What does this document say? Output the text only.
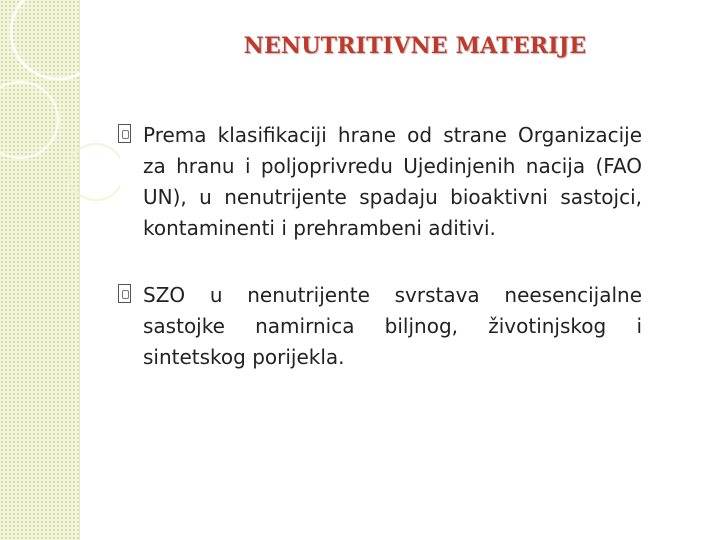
NENUTRITIVNE MATERIJE

Prema klasifikaciji hrane od strane Organizacije za hranu i poljoprivredu Ujedinjenih nacija (FAO UN), u nenutrijente spadaju bioaktivni sastojci, kontaminenti i prehrambeni aditivi.

SZO u nenutrijente svrstava neesencijalne sastojke namirnica biljnog, životinjskog i sintetskog porijekla.
